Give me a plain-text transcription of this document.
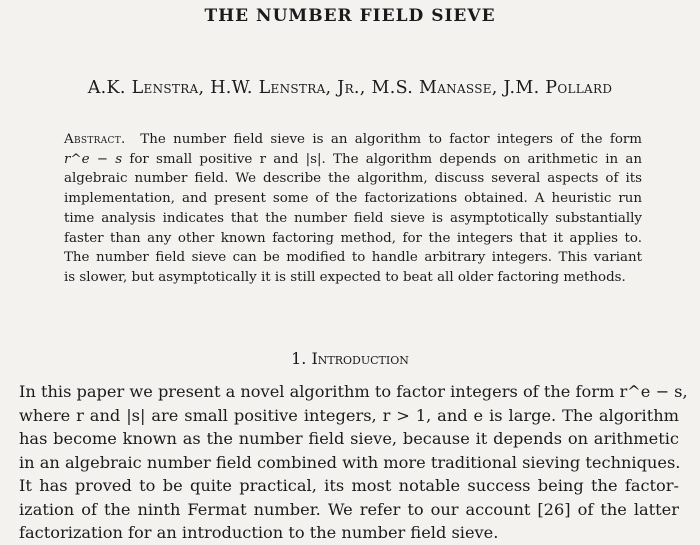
THE NUMBER FIELD SIEVE
A.K. Lenstra, H.W. Lenstra, Jr., M.S. Manasse, J.M. Pollard
Abstract. The number field sieve is an algorithm to factor integers of the form
r^e − s for small positive r and |s|. The algorithm depends on arithmetic in an
algebraic number field. We describe the algorithm, discuss several aspects of its
implementation, and present some of the factorizations obtained. A heuristic run
time analysis indicates that the number field sieve is asymptotically substantially
faster than any other known factoring method, for the integers that it applies to.
The number field sieve can be modified to handle arbitrary integers. This variant
is slower, but asymptotically it is still expected to beat all older factoring methods.
1. Introduction
In this paper we present a novel algorithm to factor integers of the form r^e − s,
where r and |s| are small positive integers, r > 1, and e is large. The algorithm
has become known as the number field sieve, because it depends on arithmetic
in an algebraic number field combined with more traditional sieving techniques.
It has proved to be quite practical, its most notable success being the factor-
ization of the ninth Fermat number. We refer to our account [26] of the latter
factorization for an introduction to the number field sieve.
